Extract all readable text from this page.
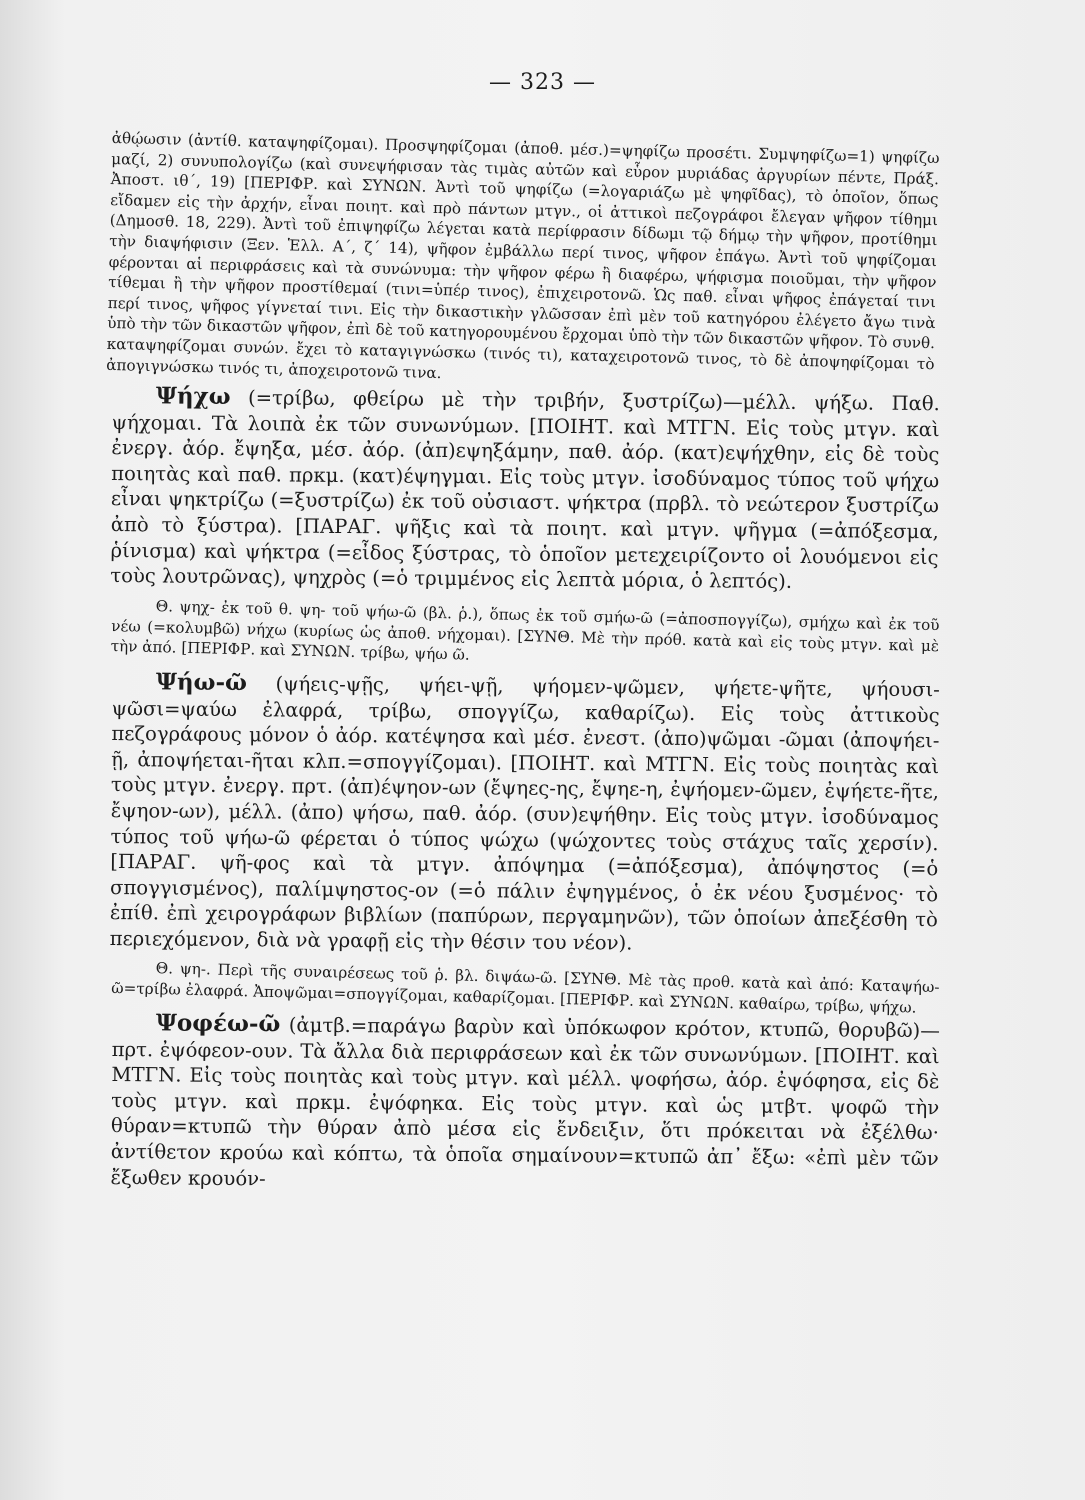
— 323 —

ἀθῴωσιν (ἀντίθ. καταψηφίζομαι). Προσψηφίζομαι (ἀποθ. μέσ.)=ψηφίζω προσέτι. Συμψηφίζω=1) ψηφίζω μαζί, 2) συνυπολογίζω (καὶ συνεψήφισαν τὰς τιμὰς αὐτῶν καὶ εὗρον μυριάδας ἀργυρίων πέντε, Πράξ. Ἀποστ. ιθ΄, 19) [ΠΕΡΙΦΡ. καὶ ΣΥΝΩΝ. Ἀντὶ τοῦ ψηφίζω (=λογαριάζω μὲ ψηφῖδας), τὸ ὁποῖον, ὅπως εἴδαμεν εἰς τὴν ἀρχήν, εἶναι ποιητ. καὶ πρὸ πάντων μτγν., οἱ ἀττικοὶ πεζογράφοι ἔλεγαν ψῆφον τίθημι (Δημοσθ. 18, 229). Ἀντὶ τοῦ ἐπιψηφίζω λέγεται κατὰ περίφρασιν δίδωμι τῷ δήμῳ τὴν ψῆφον, προτίθημι τὴν διαψήφισιν (Ξεν. Ἑλλ. Α΄, ζ΄ 14), ψῆφον ἐμβάλλω περί τινος, ψῆφον ἐπάγω. Ἀντὶ τοῦ ψηφίζομαι φέρονται αἱ περιφράσεις καὶ τὰ συνώνυμα: τὴν ψῆφον φέρω ἢ διαφέρω, ψήφισμα ποιοῦμαι, τὴν ψῆφον τίθεμαι ἢ τὴν ψῆφον προστίθεμαί (τινι=ὑπέρ τινος), ἐπιχειροτονῶ. Ὡς παθ. εἶναι ψῆφος ἐπάγεταί τινι περί τινος, ψῆφος γίγνεταί τινι. Εἰς τὴν δικαστικὴν γλῶσσαν ἐπὶ μὲν τοῦ κατηγόρου ἐλέγετο ἄγω τινὰ ὑπὸ τὴν τῶν δικαστῶν ψῆφον, ἐπὶ δὲ τοῦ κατηγορουμένου ἔρχομαι ὑπὸ τὴν τῶν δικαστῶν ψῆφον. Τὸ συνθ. καταψηφίζομαι συνών. ἔχει τὸ καταγιγνώσκω (τινός τι), καταχειροτονῶ τινος, τὸ δὲ ἀποψηφίζομαι τὸ ἀπογιγνώσκω τινός τι, ἀποχειροτονῶ τινα.

Ψήχω (=τρίβω, φθείρω μὲ τὴν τριβήν, ξυστρίζω)—μέλλ. ψήξω. Παθ. ψήχομαι. Τὰ λοιπὰ ἐκ τῶν συνωνύμων. [ΠΟΙΗΤ. καὶ ΜΤΓΝ. Εἰς τοὺς μτγν. καὶ ἐνεργ. ἀόρ. ἔψηξα, μέσ. ἀόρ. (ἀπ)εψηξάμην, παθ. ἀόρ. (κατ)εψήχθην, εἰς δὲ τοὺς ποιητὰς καὶ παθ. πρκμ. (κατ)έψηγμαι. Εἰς τοὺς μτγν. ἰσοδύναμος τύπος τοῦ ψήχω εἶναι ψηκτρίζω (=ξυστρίζω) ἐκ τοῦ οὐσιαστ. ψήκτρα (πρβλ. τὸ νεώτερον ξυστρίζω ἀπὸ τὸ ξύστρα). [ΠΑΡΑΓ. ψῆξις καὶ τὰ ποιητ. καὶ μτγν. ψῆγμα (=ἀπόξεσμα, ῥίνισμα) καὶ ψήκτρα (=εἶδος ξύστρας, τὸ ὁποῖον μετεχειρίζοντο οἱ λουόμενοι εἰς τοὺς λουτρῶνας), ψηχρὸς (=ὁ τριμμένος εἰς λεπτὰ μόρια, ὁ λεπτός).

Θ. ψηχ- ἐκ τοῦ θ. ψη- τοῦ ψήω-ῶ (βλ. ῥ.), ὅπως ἐκ τοῦ σμήω-ῶ (=ἀποσπογγίζω), σμήχω καὶ ἐκ τοῦ νέω (=κολυμβῶ) νήχω (κυρίως ὡς ἀποθ. νήχομαι). [ΣΥΝΘ. Μὲ τὴν πρόθ. κατὰ καὶ εἰς τοὺς μτγν. καὶ μὲ τὴν ἀπό. [ΠΕΡΙΦΡ. καὶ ΣΥΝΩΝ. τρίβω, ψήω ῶ.

Ψήω-ῶ (ψήεις-ψῇς, ψήει-ψῇ, ψήομεν-ψῶμεν, ψήετε-ψῆτε, ψήουσι-ψῶσι=ψαύω ἐλαφρά, τρίβω, σπογγίζω, καθαρίζω). Εἰς τοὺς ἀττικοὺς πεζογράφους μόνον ὁ ἀόρ. κατέψησα καὶ μέσ. ἐνεστ. (ἀπο)ψῶμαι -ῶμαι (ἀποψήει-ῇ, ἀποψήεται-ῆται κλπ.=σπογγίζομαι). [ΠΟΙΗΤ. καὶ ΜΤΓΝ. Εἰς τοὺς ποιητὰς καὶ τοὺς μτγν. ἐνεργ. πρτ. (ἀπ)έψηον-ων (ἔψηες-ης, ἔψηε-η, ἐψήομεν-ῶμεν, ἐψήετε-ῆτε, ἔψηον-ων), μέλλ. (ἀπο) ψήσω, παθ. ἀόρ. (συν)εψήθην. Εἰς τοὺς μτγν. ἰσοδύναμος τύπος τοῦ ψήω-ῶ φέρεται ὁ τύπος ψώχω (ψώχοντες τοὺς στάχυς ταῖς χερσίν). [ΠΑΡΑΓ. ψῆ-φος καὶ τὰ μτγν. ἀπόψημα (=ἀπόξεσμα), ἀπόψηστος (=ὁ σπογγισμένος), παλίμψηστος-ον (=ὁ πάλιν ἐψηγμένος, ὁ ἐκ νέου ξυσμένος· τὸ ἐπίθ. ἐπὶ χειρογράφων βιβλίων (παπύρων, περγαμηνῶν), τῶν ὁποίων ἀπεξέσθη τὸ περιεχόμενον, διὰ νὰ γραφῇ εἰς τὴν θέσιν του νέον).

Θ. ψη-. Περὶ τῆς συναιρέσεως τοῦ ῥ. βλ. διψάω-ῶ. [ΣΥΝΘ. Μὲ τὰς προθ. κατὰ καὶ ἀπό: Καταψήω-ῶ=τρίβω ἐλαφρά. Ἀποψῶμαι=σπογγίζομαι, καθαρίζομαι. [ΠΕΡΙΦΡ. καὶ ΣΥΝΩΝ. καθαίρω, τρίβω, ψήχω.

Ψοφέω-ῶ (ἀμτβ.=παράγω βαρὺν καὶ ὑπόκωφον κρότον, κτυπῶ, θορυβῶ)—πρτ. ἐψόφεον-ουν. Τὰ ἄλλα διὰ περιφράσεων καὶ ἐκ τῶν συνωνύμων. [ΠΟΙΗΤ. καὶ ΜΤΓΝ. Εἰς τοὺς ποιητὰς καὶ τοὺς μτγν. καὶ μέλλ. ψοφήσω, ἀόρ. ἐψόφησα, εἰς δὲ τοὺς μτγν. καὶ πρκμ. ἐψόφηκα. Εἰς τοὺς μτγν. καὶ ὡς μτβτ. ψοφῶ τὴν θύραν=κτυπῶ τὴν θύραν ἀπὸ μέσα εἰς ἔνδειξιν, ὅτι πρόκειται νὰ ἐξέλθω· ἀντίθετον κρούω καὶ κόπτω, τὰ ὁποῖα σημαίνουν=κτυπῶ ἀπ᾽ ἔξω: «ἐπὶ μὲν τῶν ἔξωθεν κρουόν-
